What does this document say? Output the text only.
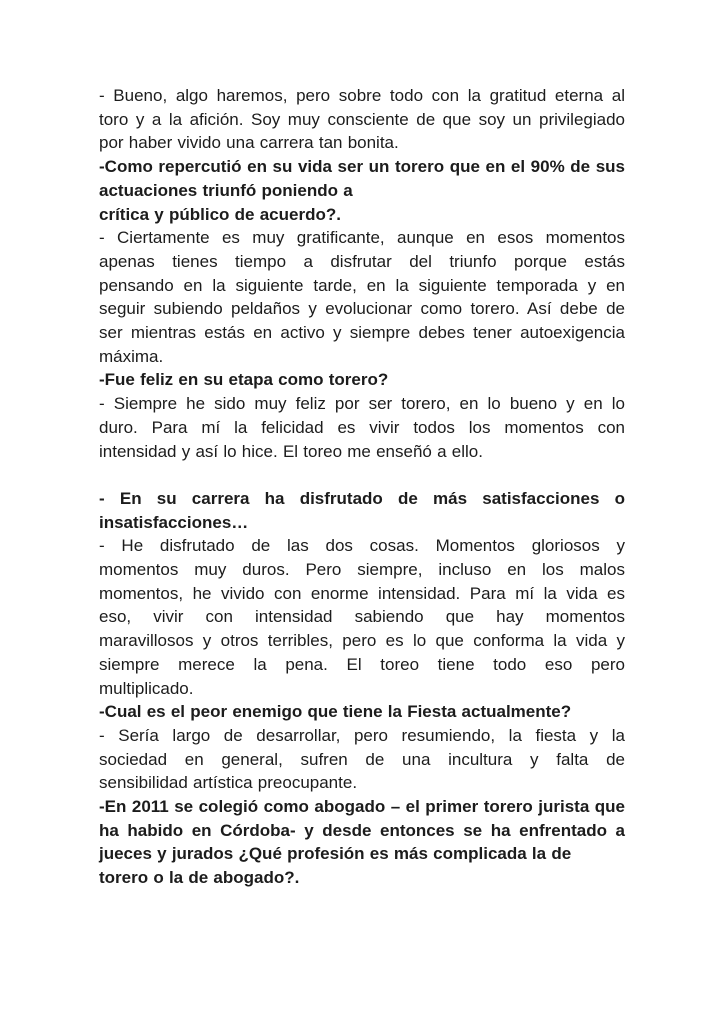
- Bueno, algo haremos, pero sobre todo con la gratitud eterna al
toro y a la afición. Soy muy consciente de que soy un privilegiado
por haber vivido una carrera tan bonita.
-Como repercutió en su vida ser un torero que en el 90% de sus
actuaciones triunfó poniendo a
crítica y público de acuerdo?.
- Ciertamente es muy gratificante, aunque en esos momentos
apenas tienes tiempo a disfrutar del triunfo porque estás
pensando en la siguiente tarde, en la siguiente temporada y en
seguir subiendo peldaños y evolucionar como torero. Así debe de
ser mientras estás en activo y siempre debes tener autoexigencia
máxima.
-Fue feliz en su etapa como torero?
- Siempre he sido muy feliz por ser torero, en lo bueno y en lo
duro. Para mí la felicidad es vivir todos los momentos con
intensidad y así lo hice. El toreo me enseñó a ello.
- En su carrera ha disfrutado de más satisfacciones o
insatisfacciones…
- He disfrutado de las dos cosas. Momentos gloriosos y
momentos muy duros. Pero siempre, incluso en los malos
momentos, he vivido con enorme intensidad. Para mí la vida es
eso, vivir con intensidad sabiendo que hay momentos
maravillosos y otros terribles, pero es lo que conforma la vida y
siempre merece la pena. El toreo tiene todo eso pero
multiplicado.
-Cual es el peor enemigo que tiene la Fiesta actualmente?
- Sería largo de desarrollar, pero resumiendo, la fiesta y la
sociedad en general, sufren de una incultura y falta de
sensibilidad artística preocupante.
-En 2011 se colegió como abogado – el primer torero jurista que
ha habido en Córdoba- y desde entonces se ha enfrentado a
jueces y jurados ¿Qué profesión es más complicada la de
torero o la de abogado?.
